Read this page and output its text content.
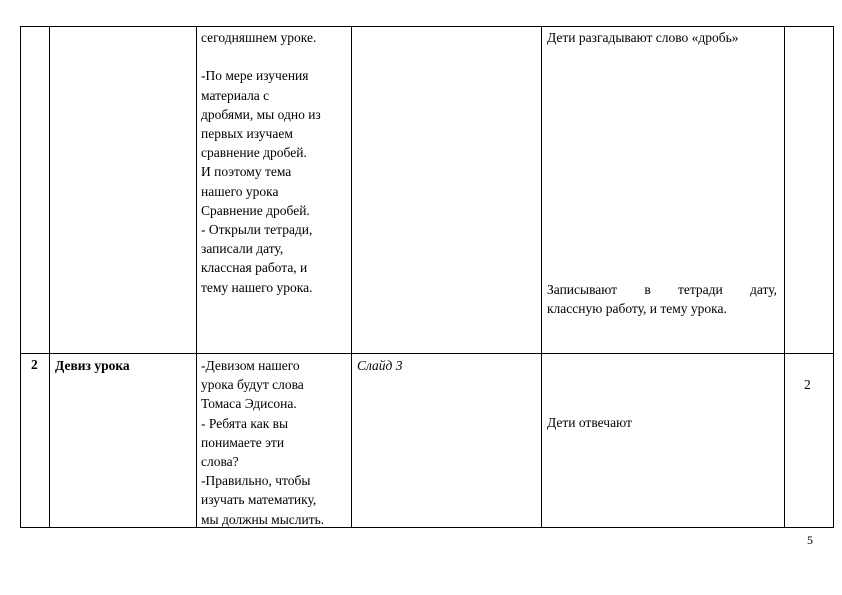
сегодняшнем уроке.

-По мере изучения

материала с

дробями, мы одно из

первых изучаем

сравнение дробей.

И поэтому тема

нашего урока

Сравнение дробей.

- Открыли тетради,

записали дату,

классная работа, и

тему нашего урока.

Дети разгадывают слово «дробь»

Записывают в тетради дату,

классную работу, и тему урока.

2	Девиз урока	-Девизом нашего

урока будут слова

Томаса Эдисона.

- Ребята как вы

понимаете эти

слова?

-Правильно, чтобы

изучать математику,

мы должны мыслить.

Слайд 3
Дети отвечают
2
5
